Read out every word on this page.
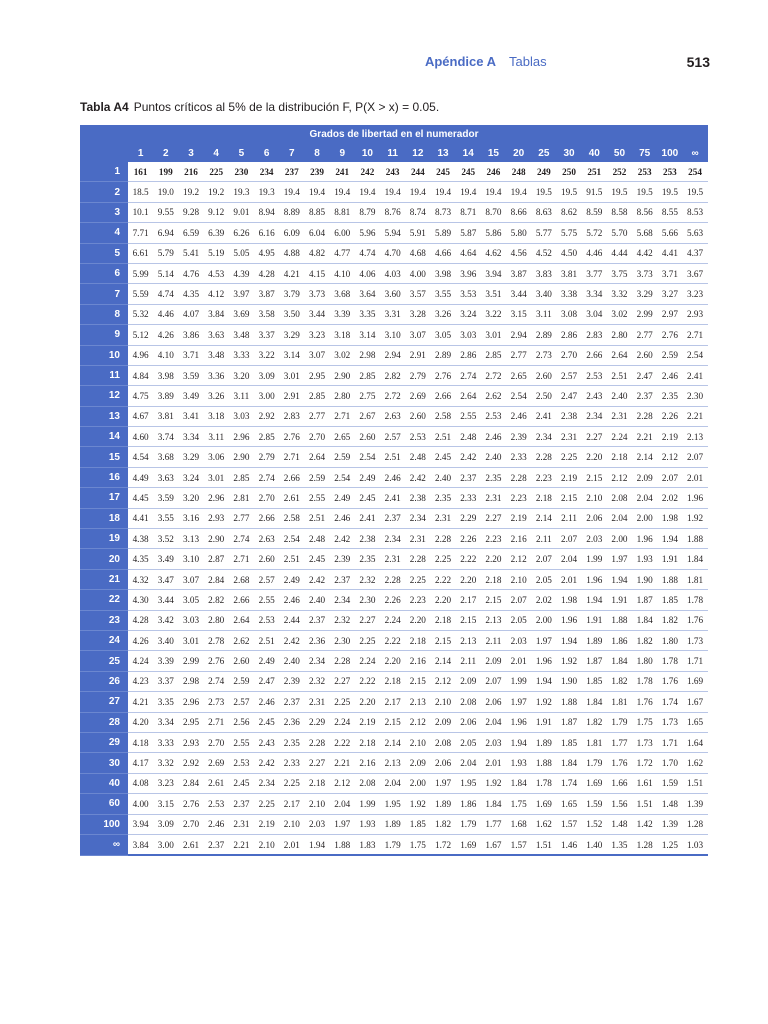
Apéndice A Tablas	513
Tabla A4 Puntos críticos al 5% de la distribución F, P(X > x) = 0.05.
Grados de libertad en el numerador
	1	2	3	4	5	6	7	8	9	10	11	12	13	14	15	20	25	30	40	50	75	100	∞
1	161	199	216	225	230	234	237	239	241	242	243	244	245	245	246	248	249	250	251	252	253	253	254
2	18.5	19.0	19.2	19.2	19.3	19.3	19.4	19.4	19.4	19.4	19.4	19.4	19.4	19.4	19.4	19.4	19.5	19.5	91.5	19.5	19.5	19.5	19.5
3	10.1	9.55	9.28	9.12	9.01	8.94	8.89	8.85	8.81	8.79	8.76	8.74	8.73	8.71	8.70	8.66	8.63	8.62	8.59	8.58	8.56	8.55	8.53
4	7.71	6.94	6.59	6.39	6.26	6.16	6.09	6.04	6.00	5.96	5.94	5.91	5.89	5.87	5.86	5.80	5.77	5.75	5.72	5.70	5.68	5.66	5.63
5	6.61	5.79	5.41	5.19	5.05	4.95	4.88	4.82	4.77	4.74	4.70	4.68	4.66	4.64	4.62	4.56	4.52	4.50	4.46	4.44	4.42	4.41	4.37
6	5.99	5.14	4.76	4.53	4.39	4.28	4.21	4.15	4.10	4.06	4.03	4.00	3.98	3.96	3.94	3.87	3.83	3.81	3.77	3.75	3.73	3.71	3.67
7	5.59	4.74	4.35	4.12	3.97	3.87	3.79	3.73	3.68	3.64	3.60	3.57	3.55	3.53	3.51	3.44	3.40	3.38	3.34	3.32	3.29	3.27	3.23
8	5.32	4.46	4.07	3.84	3.69	3.58	3.50	3.44	3.39	3.35	3.31	3.28	3.26	3.24	3.22	3.15	3.11	3.08	3.04	3.02	2.99	2.97	2.93
9	5.12	4.26	3.86	3.63	3.48	3.37	3.29	3.23	3.18	3.14	3.10	3.07	3.05	3.03	3.01	2.94	2.89	2.86	2.83	2.80	2.77	2.76	2.71
10	4.96	4.10	3.71	3.48	3.33	3.22	3.14	3.07	3.02	2.98	2.94	2.91	2.89	2.86	2.85	2.77	2.73	2.70	2.66	2.64	2.60	2.59	2.54
11	4.84	3.98	3.59	3.36	3.20	3.09	3.01	2.95	2.90	2.85	2.82	2.79	2.76	2.74	2.72	2.65	2.60	2.57	2.53	2.51	2.47	2.46	2.41
12	4.75	3.89	3.49	3.26	3.11	3.00	2.91	2.85	2.80	2.75	2.72	2.69	2.66	2.64	2.62	2.54	2.50	2.47	2.43	2.40	2.37	2.35	2.30
13	4.67	3.81	3.41	3.18	3.03	2.92	2.83	2.77	2.71	2.67	2.63	2.60	2.58	2.55	2.53	2.46	2.41	2.38	2.34	2.31	2.28	2.26	2.21
14	4.60	3.74	3.34	3.11	2.96	2.85	2.76	2.70	2.65	2.60	2.57	2.53	2.51	2.48	2.46	2.39	2.34	2.31	2.27	2.24	2.21	2.19	2.13
15	4.54	3.68	3.29	3.06	2.90	2.79	2.71	2.64	2.59	2.54	2.51	2.48	2.45	2.42	2.40	2.33	2.28	2.25	2.20	2.18	2.14	2.12	2.07
16	4.49	3.63	3.24	3.01	2.85	2.74	2.66	2.59	2.54	2.49	2.46	2.42	2.40	2.37	2.35	2.28	2.23	2.19	2.15	2.12	2.09	2.07	2.01
17	4.45	3.59	3.20	2.96	2.81	2.70	2.61	2.55	2.49	2.45	2.41	2.38	2.35	2.33	2.31	2.23	2.18	2.15	2.10	2.08	2.04	2.02	1.96
18	4.41	3.55	3.16	2.93	2.77	2.66	2.58	2.51	2.46	2.41	2.37	2.34	2.31	2.29	2.27	2.19	2.14	2.11	2.06	2.04	2.00	1.98	1.92
19	4.38	3.52	3.13	2.90	2.74	2.63	2.54	2.48	2.42	2.38	2.34	2.31	2.28	2.26	2.23	2.16	2.11	2.07	2.03	2.00	1.96	1.94	1.88
20	4.35	3.49	3.10	2.87	2.71	2.60	2.51	2.45	2.39	2.35	2.31	2.28	2.25	2.22	2.20	2.12	2.07	2.04	1.99	1.97	1.93	1.91	1.84
21	4.32	3.47	3.07	2.84	2.68	2.57	2.49	2.42	2.37	2.32	2.28	2.25	2.22	2.20	2.18	2.10	2.05	2.01	1.96	1.94	1.90	1.88	1.81
22	4.30	3.44	3.05	2.82	2.66	2.55	2.46	2.40	2.34	2.30	2.26	2.23	2.20	2.17	2.15	2.07	2.02	1.98	1.94	1.91	1.87	1.85	1.78
23	4.28	3.42	3.03	2.80	2.64	2.53	2.44	2.37	2.32	2.27	2.24	2.20	2.18	2.15	2.13	2.05	2.00	1.96	1.91	1.88	1.84	1.82	1.76
24	4.26	3.40	3.01	2.78	2.62	2.51	2.42	2.36	2.30	2.25	2.22	2.18	2.15	2.13	2.11	2.03	1.97	1.94	1.89	1.86	1.82	1.80	1.73
25	4.24	3.39	2.99	2.76	2.60	2.49	2.40	2.34	2.28	2.24	2.20	2.16	2.14	2.11	2.09	2.01	1.96	1.92	1.87	1.84	1.80	1.78	1.71
26	4.23	3.37	2.98	2.74	2.59	2.47	2.39	2.32	2.27	2.22	2.18	2.15	2.12	2.09	2.07	1.99	1.94	1.90	1.85	1.82	1.78	1.76	1.69
27	4.21	3.35	2.96	2.73	2.57	2.46	2.37	2.31	2.25	2.20	2.17	2.13	2.10	2.08	2.06	1.97	1.92	1.88	1.84	1.81	1.76	1.74	1.67
28	4.20	3.34	2.95	2.71	2.56	2.45	2.36	2.29	2.24	2.19	2.15	2.12	2.09	2.06	2.04	1.96	1.91	1.87	1.82	1.79	1.75	1.73	1.65
29	4.18	3.33	2.93	2.70	2.55	2.43	2.35	2.28	2.22	2.18	2.14	2.10	2.08	2.05	2.03	1.94	1.89	1.85	1.81	1.77	1.73	1.71	1.64
30	4.17	3.32	2.92	2.69	2.53	2.42	2.33	2.27	2.21	2.16	2.13	2.09	2.06	2.04	2.01	1.93	1.88	1.84	1.79	1.76	1.72	1.70	1.62
40	4.08	3.23	2.84	2.61	2.45	2.34	2.25	2.18	2.12	2.08	2.04	2.00	1.97	1.95	1.92	1.84	1.78	1.74	1.69	1.66	1.61	1.59	1.51
60	4.00	3.15	2.76	2.53	2.37	2.25	2.17	2.10	2.04	1.99	1.95	1.92	1.89	1.86	1.84	1.75	1.69	1.65	1.59	1.56	1.51	1.48	1.39
100	3.94	3.09	2.70	2.46	2.31	2.19	2.10	2.03	1.97	1.93	1.89	1.85	1.82	1.79	1.77	1.68	1.62	1.57	1.52	1.48	1.42	1.39	1.28
∞	3.84	3.00	2.61	2.37	2.21	2.10	2.01	1.94	1.88	1.83	1.79	1.75	1.72	1.69	1.67	1.57	1.51	1.46	1.40	1.35	1.28	1.25	1.03
